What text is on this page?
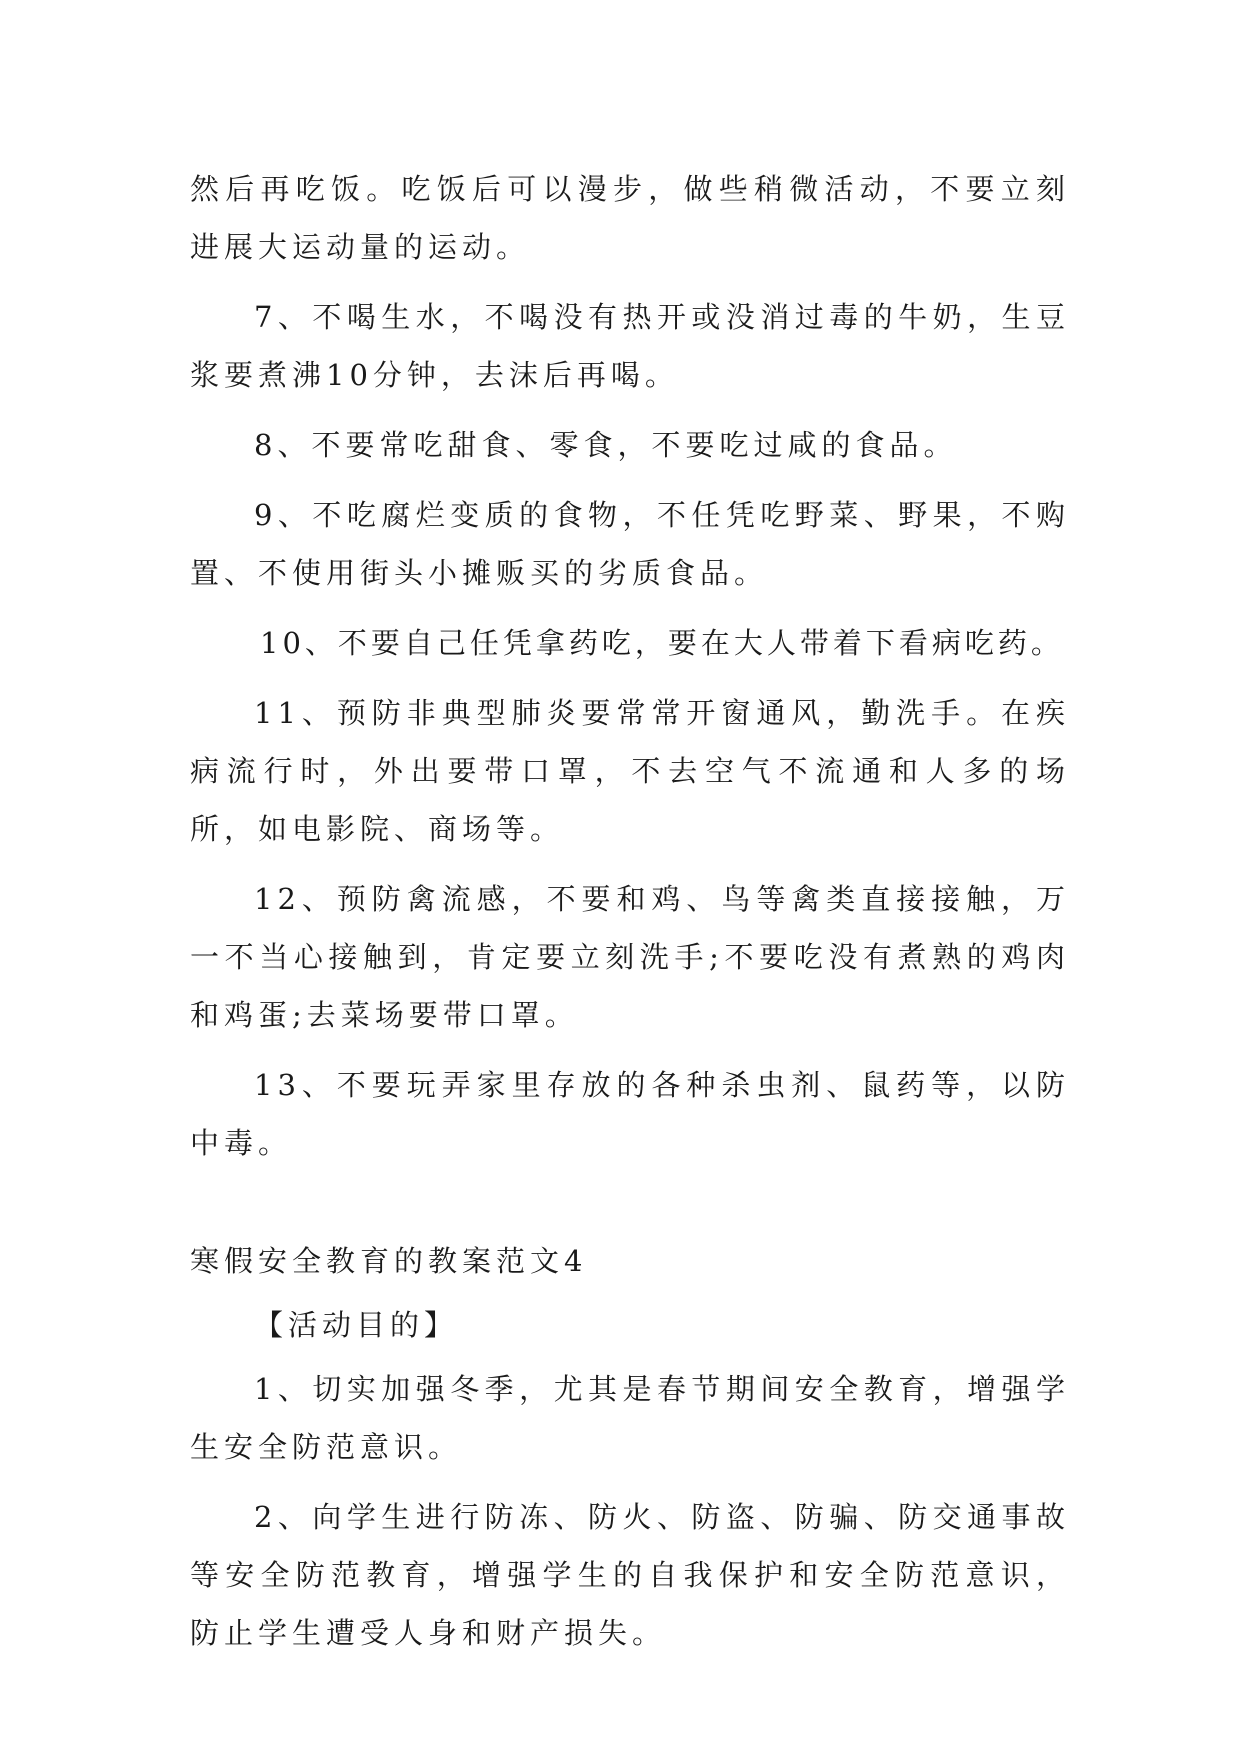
然后再吃饭。吃饭后可以漫步，做些稍微活动，不要立刻进展大运动量的运动。

7、不喝生水，不喝没有热开或没消过毒的牛奶，生豆浆要煮沸10分钟，去沫后再喝。

8、不要常吃甜食、零食，不要吃过咸的食品。

9、不吃腐烂变质的食物，不任凭吃野菜、野果，不购置、不使用街头小摊贩买的劣质食品。

10、不要自己任凭拿药吃，要在大人带着下看病吃药。

11、预防非典型肺炎要常常开窗通风，勤洗手。在疾病流行时，外出要带口罩，不去空气不流通和人多的场所，如电影院、商场等。

12、预防禽流感，不要和鸡、鸟等禽类直接接触，万一不当心接触到，肯定要立刻洗手;不要吃没有煮熟的鸡肉和鸡蛋;去菜场要带口罩。

13、不要玩弄家里存放的各种杀虫剂、鼠药等，以防中毒。

寒假安全教育的教案范文4

【活动目的】

1、切实加强冬季，尤其是春节期间安全教育，增强学生安全防范意识。

2、向学生进行防冻、防火、防盗、防骗、防交通事故等安全防范教育，增强学生的自我保护和安全防范意识，防止学生遭受人身和财产损失。
